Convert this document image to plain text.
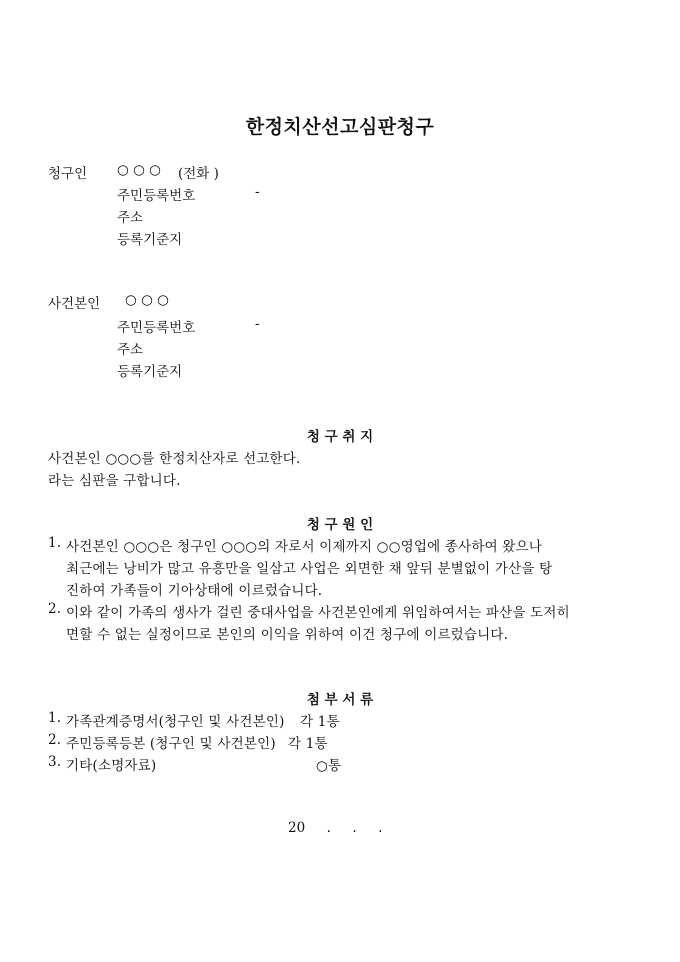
한정치산선고심판청구
청구인 ○ ○ ○ (전화 )
주민등록번호	-
주소
등록기준지
사건본인 ○ ○ ○
주민등록번호	-
주소
등록기준지
청 구 취 지
사건본인 ○○○를 한정치산자로 선고한다.
라는 심판을 구합니다.
청 구 원 인
1. 사건본인 ○○○은 청구인 ○○○의 자로서 이제까지 ○○영업에 종사하여 왔으나
최근에는 낭비가 많고 유흥만을 일삼고 사업은 외면한 채 앞뒤 분별없이 가산을 탕
진하여 가족들이 기아상태에 이르렀습니다.
2. 이와 같이 가족의 생사가 걸린 중대사업을 사건본인에게 위임하여서는 파산을 도저히
면할 수 없는 실정이므로 본인의 이익을 위하여 이건 청구에 이르렀습니다.
첨 부 서 류
1. 가족관계증명서(청구인 및 사건본인) 각 1통
2. 주민등록등본 (청구인 및 사건본인) 각 1통
3. 기타(소명자료)	○통
20     .     .     .
